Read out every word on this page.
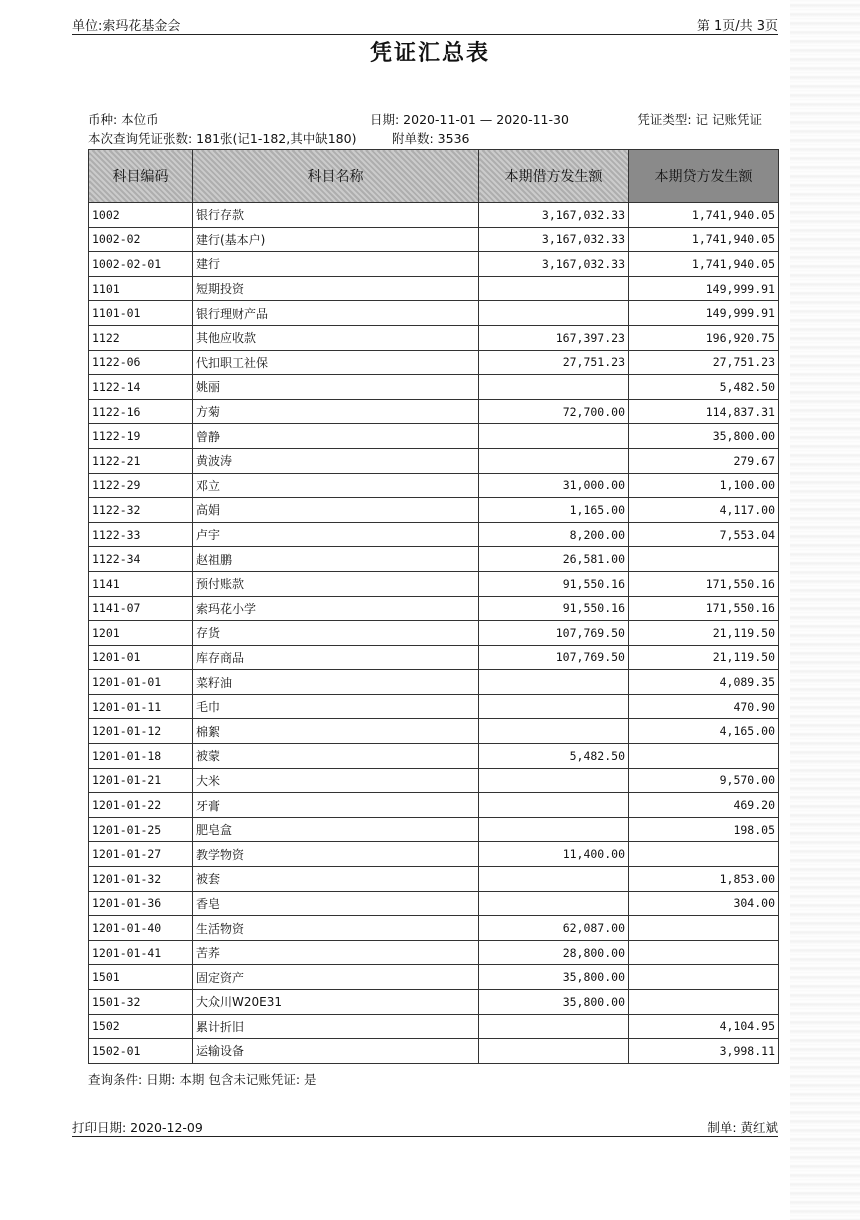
单位:索玛花基金会	第 1页/共 3页
凭证汇总表
币种: 本位币	日期: 2020-11-01 — 2020-11-30	凭证类型: 记 记账凭证
本次查询凭证张数: 181张(记1-182,其中缺180)	附单数: 3536
科目编码	科目名称	本期借方发生额	本期贷方发生额
1002	银行存款	3,167,032.33	1,741,940.05
1002-02	建行(基本户)	3,167,032.33	1,741,940.05
1002-02-01	建行	3,167,032.33	1,741,940.05
1101	短期投资		149,999.91
1101-01	银行理财产品		149,999.91
1122	其他应收款	167,397.23	196,920.75
1122-06	代扣职工社保	27,751.23	27,751.23
1122-14	姚丽		5,482.50
1122-16	方菊	72,700.00	114,837.31
1122-19	曾静		35,800.00
1122-21	黄波涛		279.67
1122-29	邓立	31,000.00	1,100.00
1122-32	高娟	1,165.00	4,117.00
1122-33	卢宇	8,200.00	7,553.04
1122-34	赵祖鹏	26,581.00	
1141	预付账款	91,550.16	171,550.16
1141-07	索玛花小学	91,550.16	171,550.16
1201	存货	107,769.50	21,119.50
1201-01	库存商品	107,769.50	21,119.50
1201-01-01	菜籽油		4,089.35
1201-01-11	毛巾		470.90
1201-01-12	棉絮		4,165.00
1201-01-18	被蒙	5,482.50	
1201-01-21	大米		9,570.00
1201-01-22	牙膏		469.20
1201-01-25	肥皂盒		198.05
1201-01-27	教学物资	11,400.00	
1201-01-32	被套		1,853.00
1201-01-36	香皂		304.00
1201-01-40	生活物资	62,087.00	
1201-01-41	苦荞	28,800.00	
1501	固定资产	35,800.00	
1501-32	大众川W20E31	35,800.00	
1502	累计折旧		4,104.95
1502-01	运输设备		3,998.11
查询条件: 日期: 本期 包含未记账凭证: 是
打印日期: 2020-12-09	制单: 黄红斌
